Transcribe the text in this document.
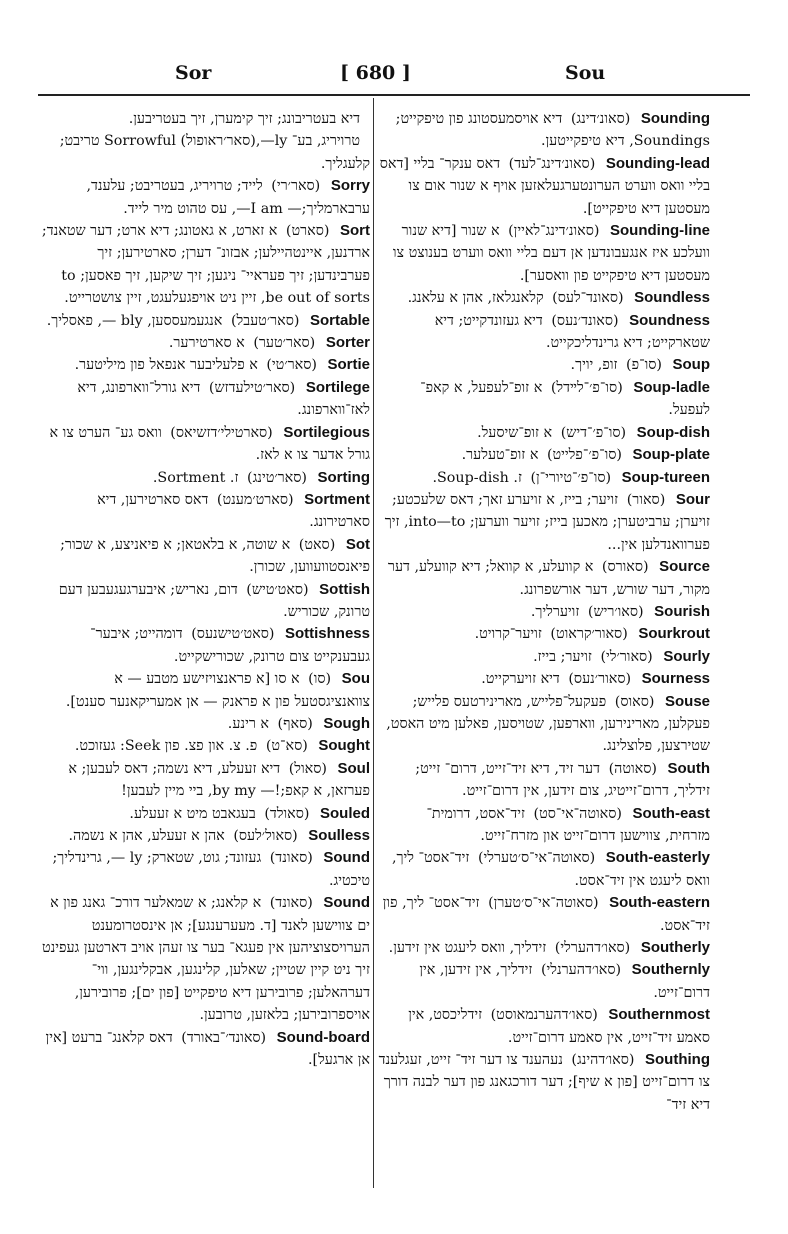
Sor	[ 680 ]	Sou

דיא בעטריבונג; זיך קימערן, זיך בעטריבען.

טרויריג, בע־ ly—,(סאר׳ראופול) Sorrowful טריבט; קלעגליך.

Sorry (סאר׳רי) לייד; טרויריג, בעטריבט; עלענד, ערבארמליך;— I am—, עס טהוט מיר לייד.

Sort (סארט) א זארט, א גאטונג; דיא ארט; דער שטאנד; ארדנען, איינטהיילען; אבזונ־ דערן; סארטירען; זיך פערבינדען; זיך פעראיי־ ניגען; זיך שיקען, זיך פאסען; to be out of sorts, זיין ניט אויפגעלעגט, זיין צושטרייט.

Sortable (סאר׳טעבל) אנגעמעססען, bly —, פאסליך.

Sorter (סאר׳טער) א סארטירער.

Sortie (סאר׳טי) א פלעליבער אנפאל פון מיליטער.

Sortilege (סאר׳טילעדזש) דיא גורל־ווארפונג, דיא לאז־ווארפונג.

Sortilegious (סארטילי׳דזשיאס) וואס גע־ הערט צו א גורל אדער צו א לאז.

Sorting (סאר׳טינג) ז. Sortment.

Sortment (סארט׳מענט) דאס סארטירען, דיא סארטירונג.

Sot (סאט) א שוטה, א בלאטאן; א פיאניצע, א שכור; פיאנסטוועווען, שכורן.

Sottish (סאט׳טיש) דום, נאריש; איבערגעגעבען דעם טרונק, שכוריש.

Sottishness (סאט׳טישנעס) דומהייט; איבער־ געבענקייט צום טרונק, שכורישקייט.

Sou (סו) א סו [א פראנצויזישע מטבע — א צוואנציגסטעל פון א פראנק — אן אמעריקאנער סענט].

Sough (סאף) א רינע.

Sought (סא־ט) פ. צ. און פצ. פון Seek: געזוכט.

Soul (סאול) דיא זעעלע, דיא נשמה; דאס לעבען; א פערזאן, א קאפ;!— by my, ביי מיין לעבען!

Souled (סאולד) בעגאבט מיט א זעעלע.

Soulless (סאול׳לעס) אהן א זעעלע, אהן א נשמה.

Sound (סאונד) געזונד; גוט, שטארק; ly —, גרינדליך; טיכטיג.

Sound (סאונד) א קלאנג; א שמאלער דורכ־ גאנג פון א ים צווישען לאנד [ד. מעערענגע]; אן אינסטרומענט הערויסצוציהען אין פעגא־ בער צו זעהן אויב דארטען געפינט זיך ניט קיין שטיין; שאלען, קלינגען, אבקלינגען, ווי־ דערהאלען; פרובירען דיא טיפקייט [פון ים]; פרובירען, אויספרובירען; בלאזען, טרובען.

Sound-board (סאונד׳־באורד) דאס קלאנג־ ברעט [אין אן ארגעל].

Sounding (סאונ׳דינג) דיא אויסמעסטונג פון טיפקייט; Soundings, דיא טיפקייטען.

Sounding-lead (סאונ׳דינג־לעד) דאס ענקר־ בליי [דאס בליי וואס ווערט הערונטערגעלאזען אויף א שנור אום צו מעסטען דיא טיפקייט].

Sounding-line (סאונ׳דינג־לאיין) א שנור [דיא שנור וועלכע איז אנגעבונדען אן דעם בליי וואס ווערט בענוצט צו מעסטען דיא טיפקייט פון וואסער].

Soundless (סאונד־לעס) קלאנגלאז, אהן א עלאנג.

Soundness (סאונד׳נעס) דיא געזונדקייט; דיא שטארקייט; דיא גרינדליכקייט.

Soup (סו־פ) זופ, יויך.

Soup-ladle (סו־פ׳־לײדל) א זופ־לעפעל, א קאפ־ לעפעל.

Soup-dish (סו־פ׳־דיש) א זופ־שיסעל.

Soup-plate (סו־פ׳־פלייט) א זופ־טעלער.

Soup-tureen (סו־פ׳־טיורי־ן) ז. Soup-dish.

Sour (סאור) זויער; בייז, א זויערע זאך; דאס שלעכטע; זויערן; ערביטערן; מאכען בייז; זויער ווערען; into—to, זיך פערוואנדלען אין...

Source (סאורס) א קוועלע, א קוואל; דיא קוועלע, דער מקור, דער שורש, דער אורשפרונג.

Sourish (סאו׳ריש) זויערליך.

Sourkrout (סאור׳קראוט) זויער־קרויט.

Sourly (סאור׳לי) זויער; בייז.

Sourness (סאור׳נעס) דיא זויערקייט.

Souse (סאוס) פעקעל־פלייש, מארינירטעס פלייש; פעקלען, מארינירען, ווארפען, שטויסען, פאלען מיט האסט, שטירצען, פלוצלינג.

South (סאוטה) דער זיד, דיא זיד־זייט, דרום־ זייט; זידליך, דרום־זייטיג, צום זידען, אין דרום־זייט.

South-east (סאוטה־אי־סט) זיד־אסט, דרומית־ מזרחית, צווישען דרום־זייט און מזרח־זייט.

South-easterly (סאוטה־אי־ס׳טערלי) זיד־אסט־ ליך, וואס ליעגט אין זיד־אסט.

South-eastern (סאוטה־אי־ס׳טערן) זיד־אסט־ ליך, פון זיד־אסט.

Southerly (סאו׳דהערלי) זידליך, וואס ליעגט אין זידען.

Southernly (סאו׳דהערנלי) זידליך, אין זידען, אין דרום־זייט.

Southernmost (סאו׳דהערנמאוסט) זידליכסט, אין סאמע זיד־זייט, אין סאמע דרום־זייט.

Southing (סאו׳דהינג) נעהענד צו דער זיד־ זייט, זעגלענד צו דרום־זייט [פון א שיף]; דער דורכגאנג פון דער לבנה דורך דיא זיד־
